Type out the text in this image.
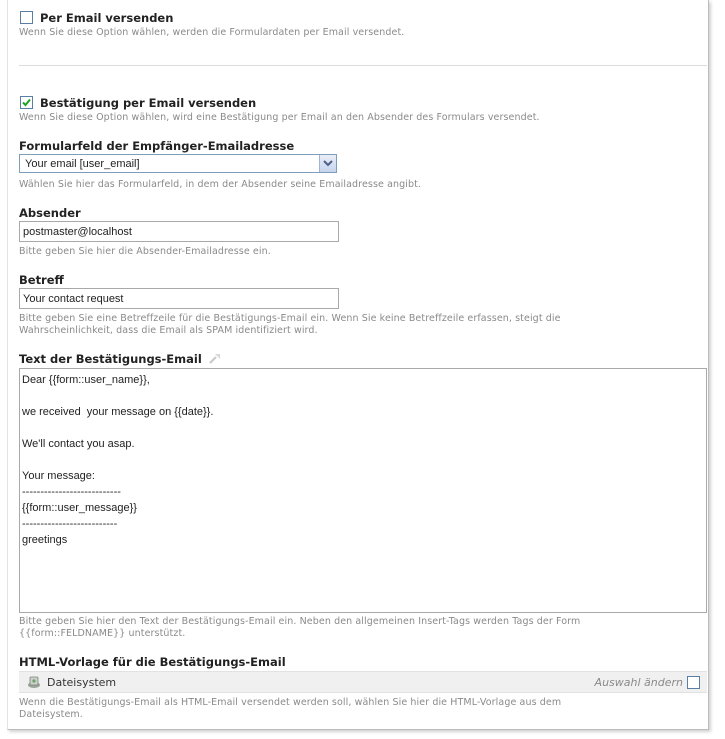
Per Email versenden
Wenn Sie diese Option wählen, werden die Formulardaten per Email versendet.
Bestätigung per Email versenden
Wenn Sie diese Option wählen, wird eine Bestätigung per Email an den Absender des Formulars versendet.
Formularfeld der Empfänger-Emailadresse
Your email [user_email]
Wählen Sie hier das Formularfeld, in dem der Absender seine Emailadresse angibt.
Absender
postmaster@localhost
Bitte geben Sie hier die Absender-Emailadresse ein.
Betreff
Your contact request
Bitte geben Sie eine Betreffzeile für die Bestätigungs-Email ein. Wenn Sie keine Betreffzeile erfassen, steigt die
Wahrscheinlichkeit, dass die Email als SPAM identifiziert wird.
Text der Bestätigungs-Email
Dear {{form::user_name}},
we received  your message on {{date}}.
We'll contact you asap.
Your message:
---------------------------
{{form::user_message}}
--------------------------
greetings
Bitte geben Sie hier den Text der Bestätigungs-Email ein. Neben den allgemeinen Insert-Tags werden Tags der Form
{{form::FELDNAME}} unterstützt.
HTML-Vorlage für die Bestätigungs-Email
Dateisystem	Auswahl ändern
Wenn die Bestätigungs-Email als HTML-Email versendet werden soll, wählen Sie hier die HTML-Vorlage aus dem
Dateisystem.
